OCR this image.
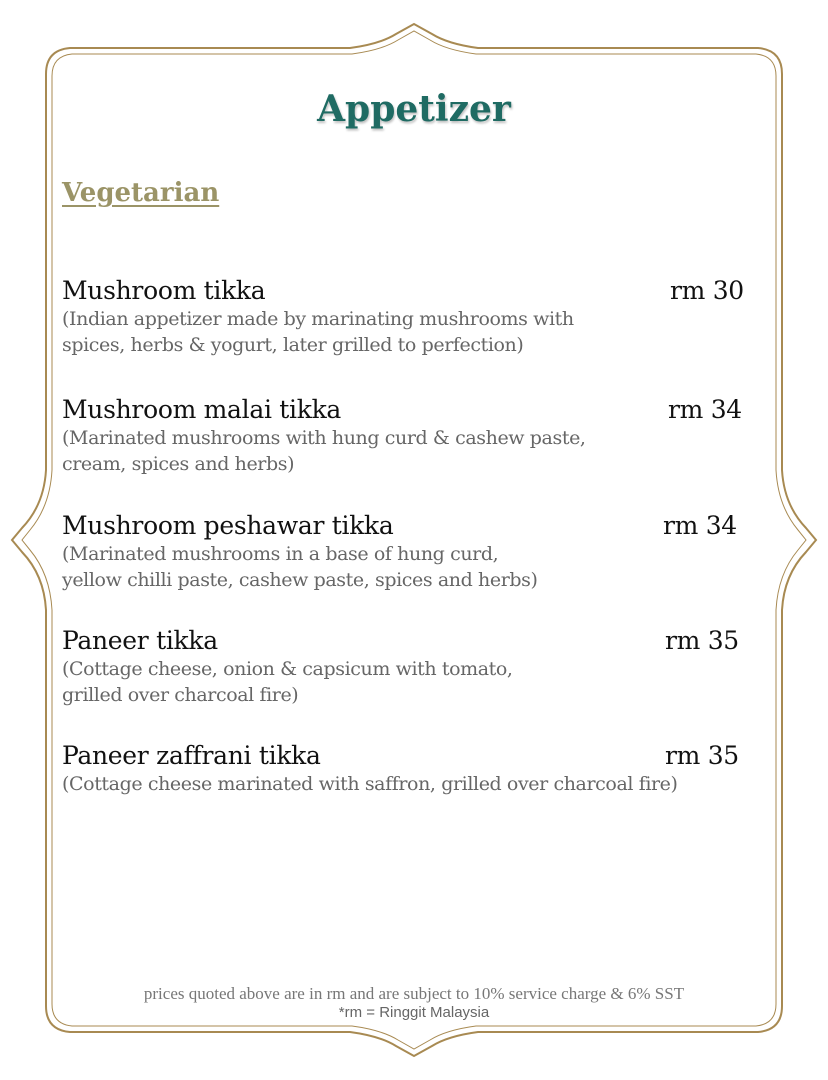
Appetizer
Vegetarian
Mushroom tikka	rm 30
(Indian appetizer made by marinating mushrooms with
spices, herbs & yogurt, later grilled to perfection)
Mushroom malai tikka	rm 34
(Marinated mushrooms with hung curd & cashew paste,
cream, spices and herbs)
Mushroom peshawar tikka	rm 34
(Marinated mushrooms in a base of hung curd,
yellow chilli paste, cashew paste, spices and herbs)
Paneer tikka	rm 35
(Cottage cheese, onion & capsicum with tomato,
grilled over charcoal fire)
Paneer zaffrani tikka	rm 35
(Cottage cheese marinated with saffron, grilled over charcoal fire)
prices quoted above are in rm and are subject to 10% service charge & 6% SST
*rm = Ringgit Malaysia
